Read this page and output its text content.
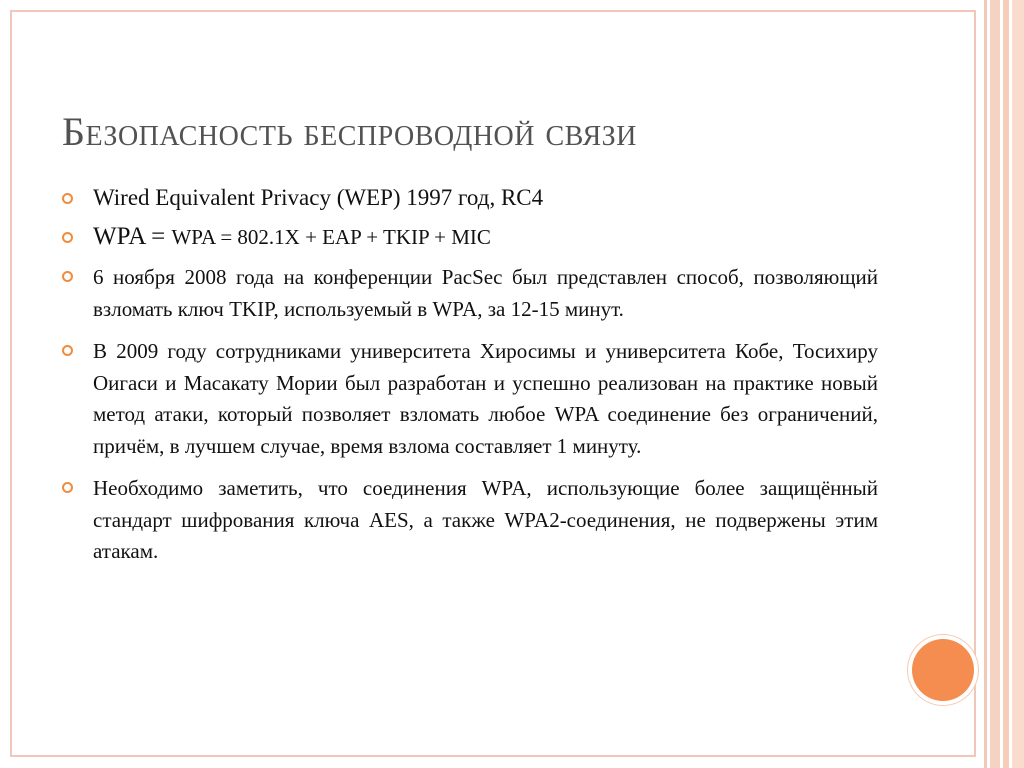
Безопасность беспроводной связи
Wired Equivalent Privacy (WEP) 1997 год, RC4
WPA = WPA = 802.1X + EAP + TKIP + MIC
6 ноября 2008 года на конференции PacSec был представлен способ, позволяющий взломать ключ TKIP, используемый в WPA, за 12-15 минут.
В 2009 году сотрудниками университета Хиросимы и университета Кобе, Тосихиру Оигаси и Масакату Мории был разработан и успешно реализован на практике новый метод атаки, который позволяет взломать любое WPA соединение без ограничений, причём, в лучшем случае, время взлома составляет 1 минуту.
Необходимо заметить, что соединения WPA, использующие более защищённый стандарт шифрования ключа AES, а также WPA2-соединения, не подвержены этим атакам.
